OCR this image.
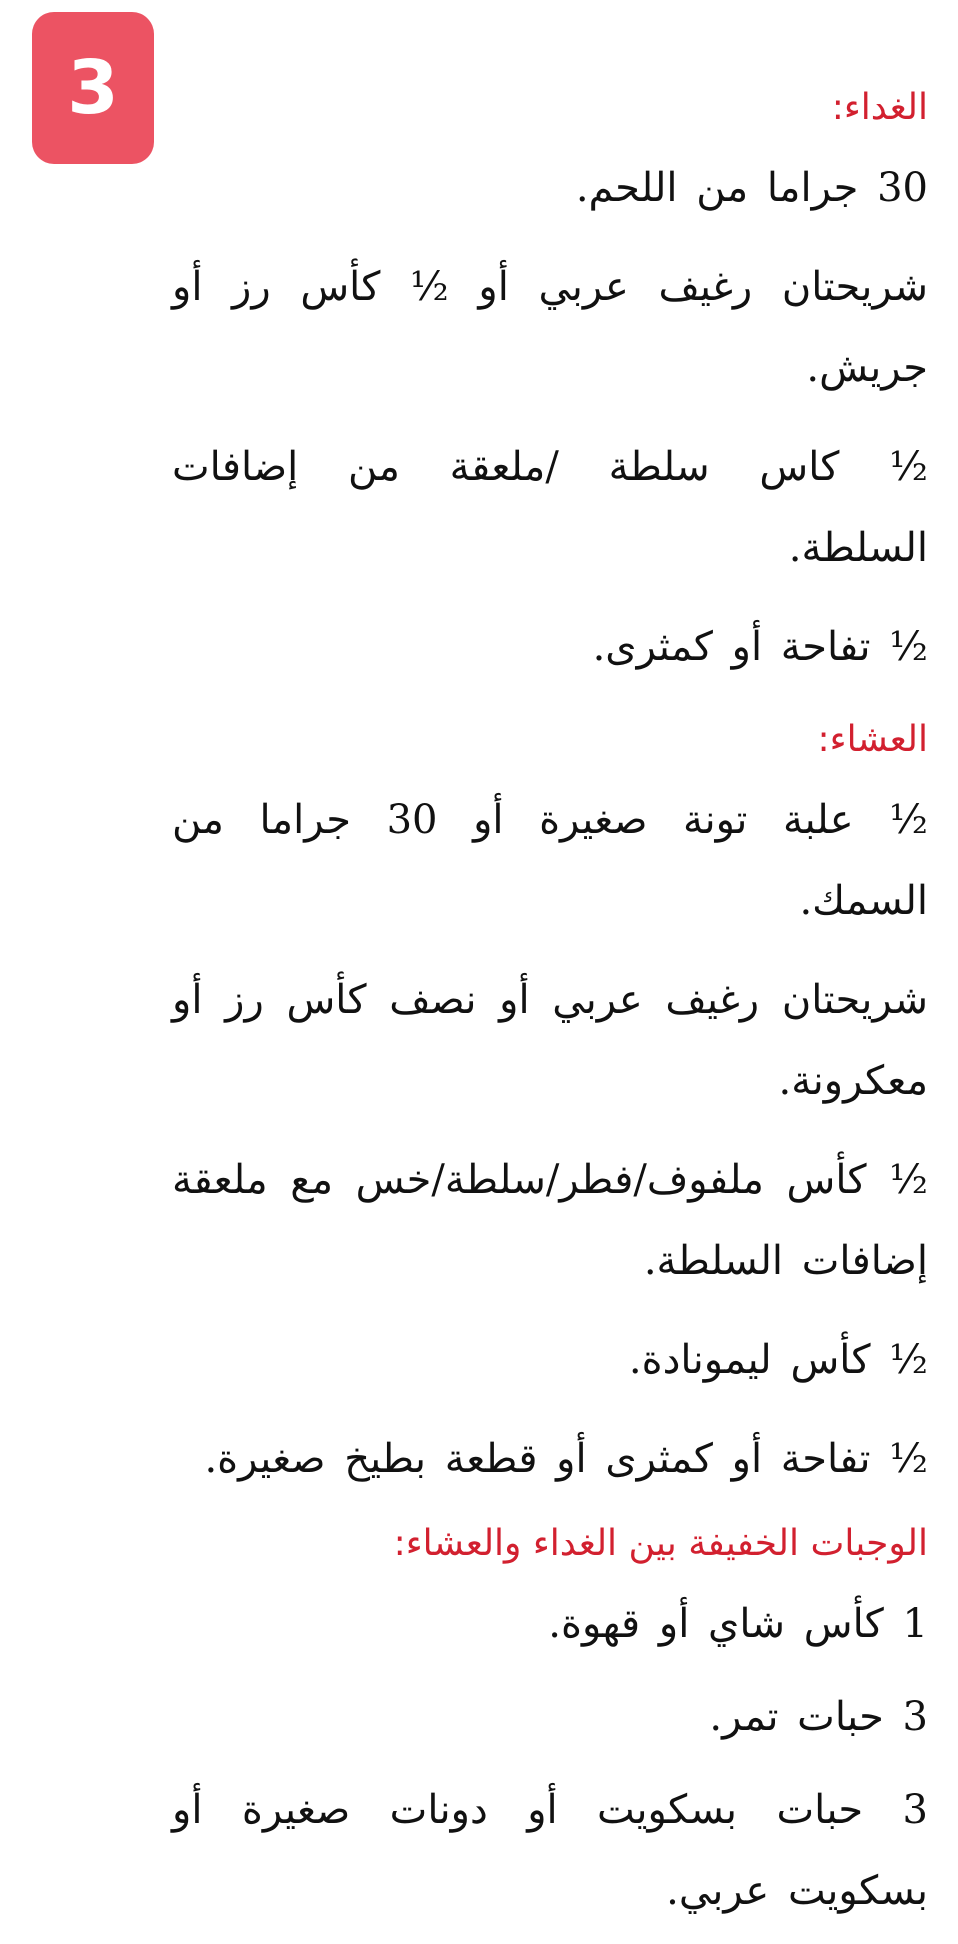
3	الغداء:
30 جراما من اللحم.
شريحتان رغيف عربي أو ½ كأس رز أو جريش.
½ كاس سلطة /ملعقة من إضافات السلطة.
½ تفاحة أو كمثرى.
العشاء:
½ علبة تونة صغيرة أو 30 جراما من السمك.
شريحتان رغيف عربي أو نصف كأس رز أو معكرونة.
½ كأس ملفوف/فطر/سلطة/خس مع ملعقة إضافات السلطة.
½ كأس ليمونادة.
½ تفاحة أو كمثرى أو قطعة بطيخ صغيرة.
الوجبات الخفيفة بين الغداء والعشاء:
1 كأس شاي أو قهوة.
3 حبات تمر.
3 حبات بسكويت أو دونات صغيرة أو بسكويت عربي.
